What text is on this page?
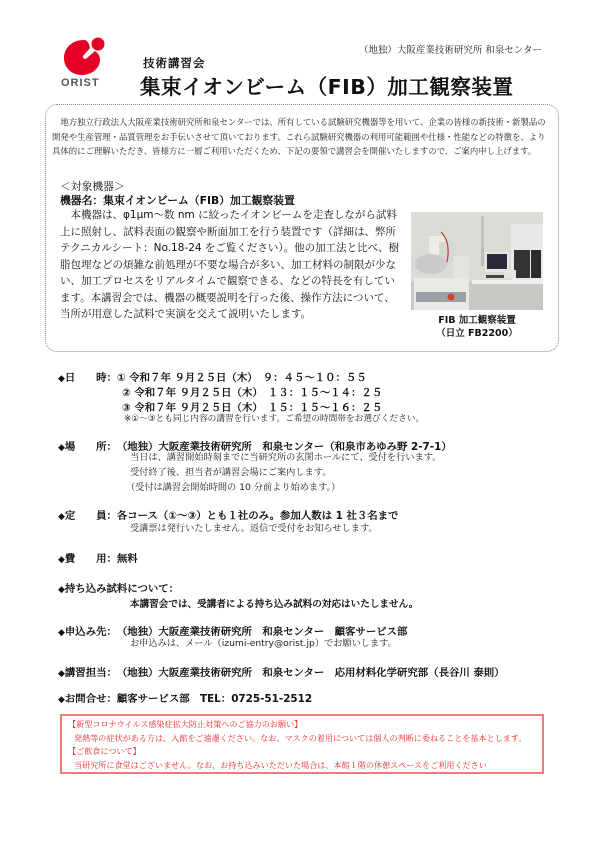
ORIST
（地独）大阪産業技術研究所 和泉センター
技術講習会
集束イオンビーム（FIB）加工観察装置
地方独立行政法人大阪産業技術研究所和泉センターでは、所有している試験研究機器等を用いて、企業の皆様の新技術・新製品の開発や生産管理・品質管理をお手伝いさせて頂いております。これら試験研究機器の利用可能範囲や仕様・性能などの特徴を、より具体的にご理解いただき、皆様方に一層ご利用いただくため、下記の要領で講習会を開催いたしますので、ご案内申し上げます。
＜対象機器＞
機器名：集束イオンビーム（FIB）加工観察装置
本機器は、φ1μm～数 nm に絞ったイオンビームを走査しながら試料上に照射し、試料表面の観察や断面加工を行う装置です（詳細は、弊所テクニカルシート：No.18-24 をご覧ください）。他の加工法と比べ、樹脂包埋などの煩雑な前処理が不要な場合が多い、加工材料の制限が少ない、加工プロセスをリアルタイムで観察できる、などの特長を有しています。本講習会では、機器の概要説明を行った後、操作方法について、当所が用意した試料で実演を交えて説明いたします。
FIB 加工観察装置
（日立 FB2200）
◆日　　時：① 令和７年 ９月２５日（木）　９：４５～１０：５５
② 令和７年 ９月２５日（木）　１３：１５～１４：２５
③ 令和７年 ９月２５日（木）　１５：１５～１６：２５
※①～③とも同じ内容の講習を行います。ご希望の時間帯をお選びください。
◆場　　所：（地独）大阪産業技術研究所　和泉センター（和泉市あゆみ野 2-7-1）
当日は、講習開始時刻までに当研究所の玄関ホールにて、受付を行います。
受付終了後、担当者が講習会場にご案内します。
（受付は講習会開始時間の 10 分前より始めます。）
◆定　　員：各コース（①～③）とも１社のみ。参加人数は 1 社３名まで
受講票は発行いたしません。返信で受付をお知らせします。
◆費　　用：無料
◆持ち込み試料について：
本講習会では、受講者による持ち込み試料の対応はいたしません。
◆申込み先：（地独）大阪産業技術研究所　和泉センター　顧客サービス部
お申込みは、メール（izumi-entry@orist.jp）でお願いします。
◆講習担当：（地独）大阪産業技術研究所　和泉センター　応用材料化学研究部（長谷川 泰則）
◆お問合せ：顧客サービス部　TEL：0725-51-2512

【新型コロナウイルス感染症拡大防止対策へのご協力のお願い】

発熱等の症状がある方は、入館をご遠慮ください。なお、マスクの着用については個人の判断に委ねることを基本とします。

【ご飲食について】

当研究所に食堂はございません。なお、お持ち込みいただいた場合は、本館１階の休憩スペースをご利用ください
